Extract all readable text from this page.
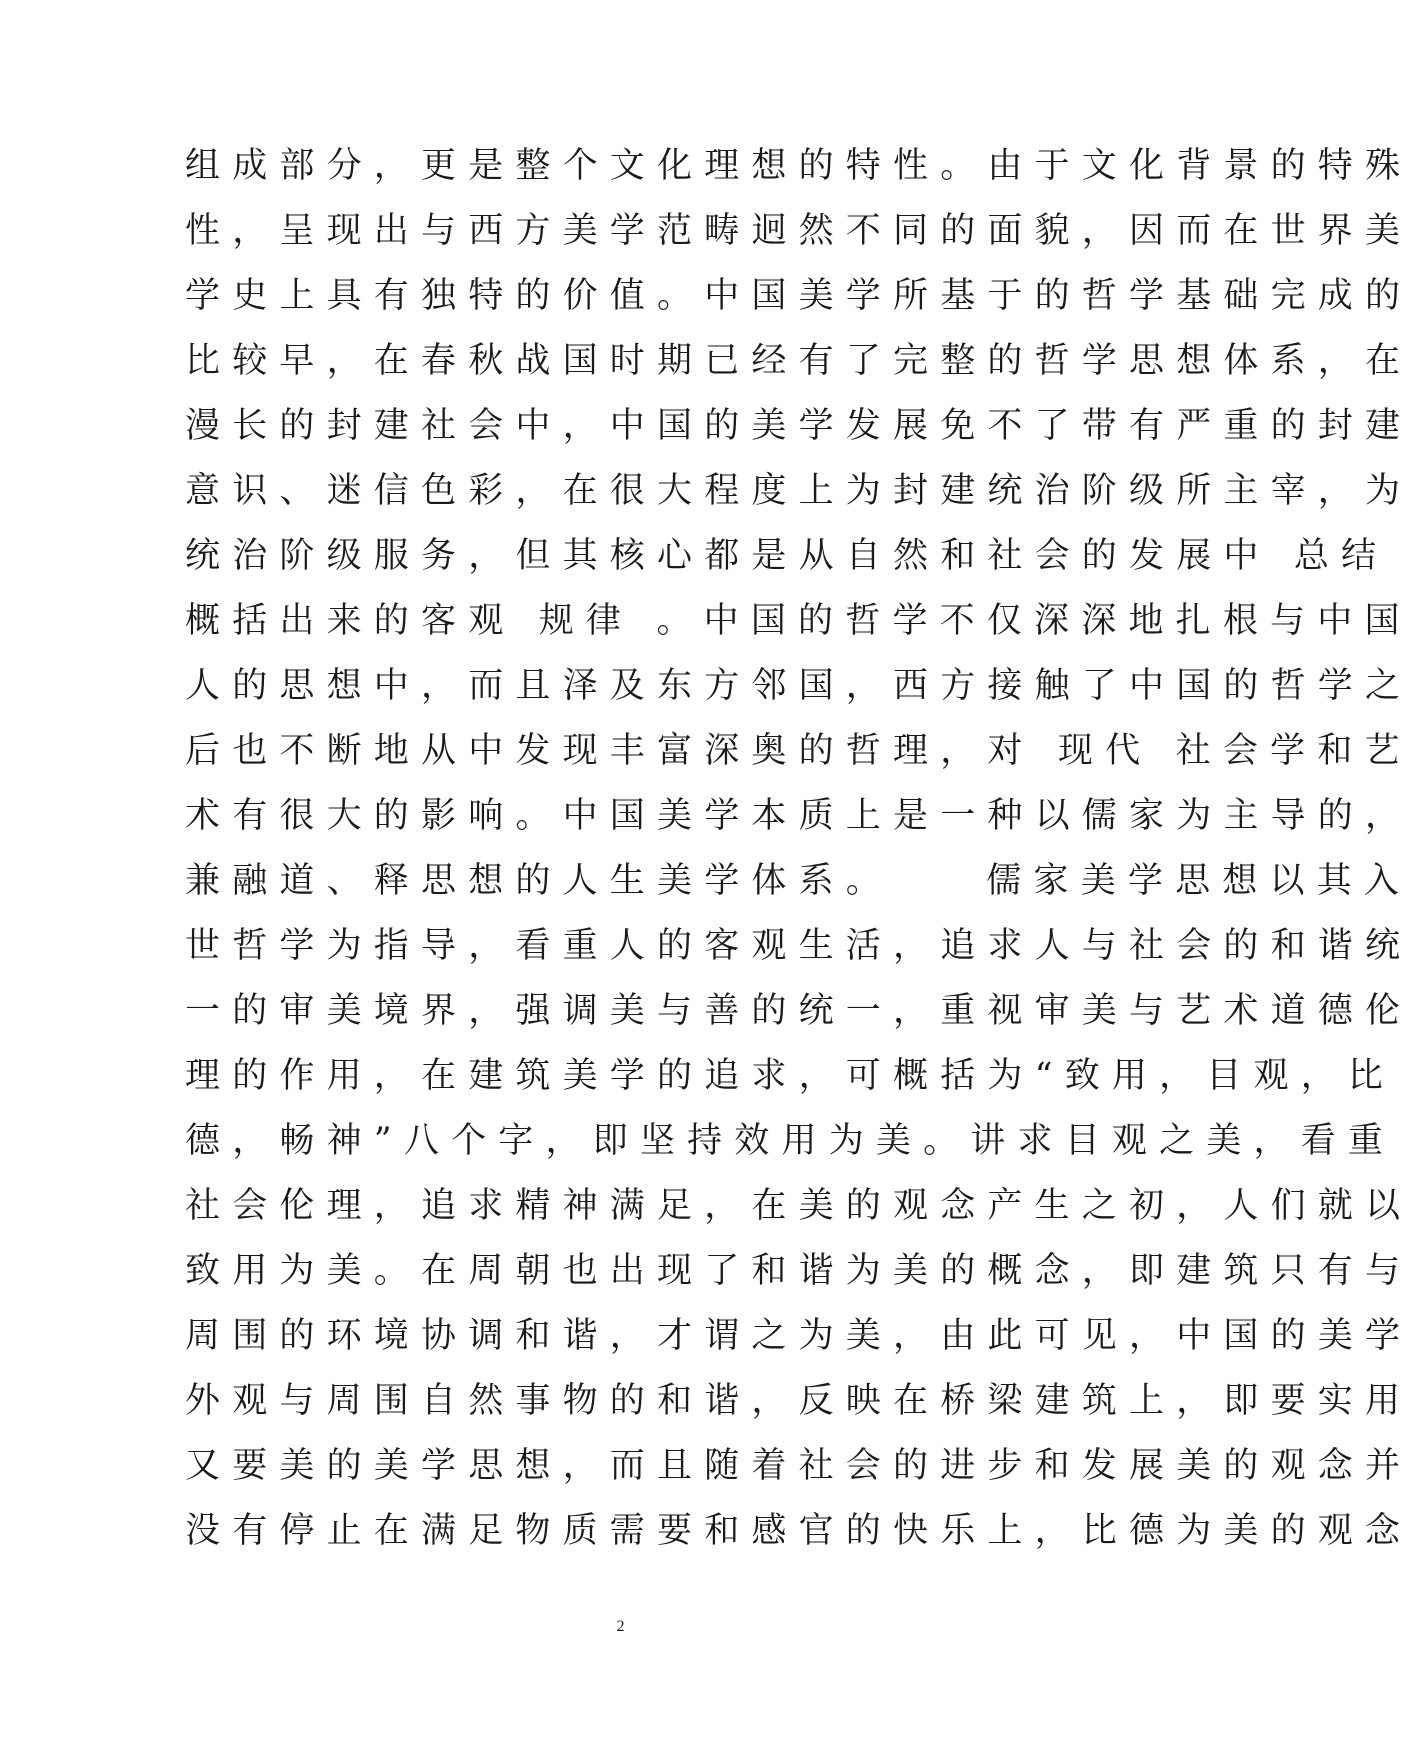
组成部分，更是整个文化理想的特性。由于文化背景的特殊
性，呈现出与西方美学范畴迥然不同的面貌，因而在世界美
学史上具有独特的价值。中国美学所基于的哲学基础完成的
比较早，在春秋战国时期已经有了完整的哲学思想体系，在
漫长的封建社会中，中国的美学发展免不了带有严重的封建
意识、迷信色彩，在很大程度上为封建统治阶级所主宰，为
统治阶级服务，但其核心都是从自然和社会的发展中 总结
概括出来的客观 规律 。中国的哲学不仅深深地扎根与中国
人的思想中，而且泽及东方邻国，西方接触了中国的哲学之
后也不断地从中发现丰富深奥的哲理，对 现代 社会学和艺
术有很大的影响。中国美学本质上是一种以儒家为主导的，
兼融道、释思想的人生美学体系。    儒家美学思想以其入
世哲学为指导，看重人的客观生活，追求人与社会的和谐统
一的审美境界，强调美与善的统一，重视审美与艺术道德伦
理的作用，在建筑美学的追求，可概括为“致用，目观，比
德，畅神”八个字，即坚持效用为美。讲求目观之美，看重
社会伦理，追求精神满足，在美的观念产生之初，人们就以
致用为美。在周朝也出现了和谐为美的概念，即建筑只有与
周围的环境协调和谐，才谓之为美，由此可见，中国的美学
外观与周围自然事物的和谐，反映在桥梁建筑上，即要实用
又要美的美学思想，而且随着社会的进步和发展美的观念并
没有停止在满足物质需要和感官的快乐上，比德为美的观念
2
